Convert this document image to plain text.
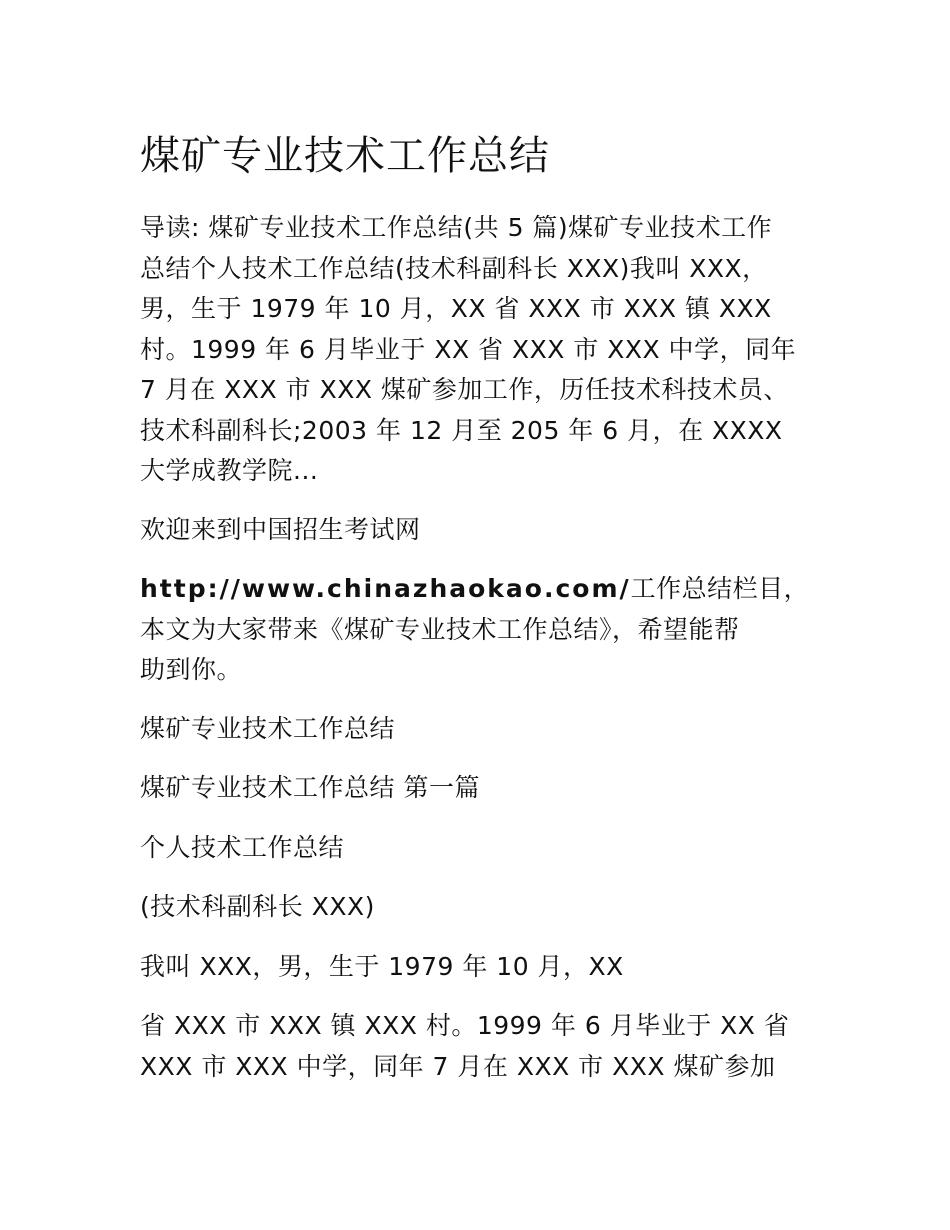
煤矿专业技术工作总结

导读: 煤矿专业技术工作总结(共 5 篇)煤矿专业技术工作
总结个人技术工作总结(技术科副科长 XXX)我叫 XXX，
男，生于 1979 年 10 月，XX 省 XXX 市 XXX 镇 XXX
村。1999 年 6 月毕业于 XX 省 XXX 市 XXX 中学，同年
7 月在 XXX 市 XXX 煤矿参加工作，历任技术科技术员、
技术科副科长;2003 年 12 月至 205 年 6 月，在 XXXX
大学成教学院...

欢迎来到中国招生考试网

http://www.chinazhaokao.com/工作总结栏目，
本文为大家带来《煤矿专业技术工作总结》，希望能帮
助到你。

煤矿专业技术工作总结

煤矿专业技术工作总结 第一篇

个人技术工作总结

(技术科副科长 XXX)

我叫 XXX，男，生于 1979 年 10 月，XX

省 XXX 市 XXX 镇 XXX 村。1999 年 6 月毕业于 XX 省
XXX 市 XXX 中学，同年 7 月在 XXX 市 XXX 煤矿参加
